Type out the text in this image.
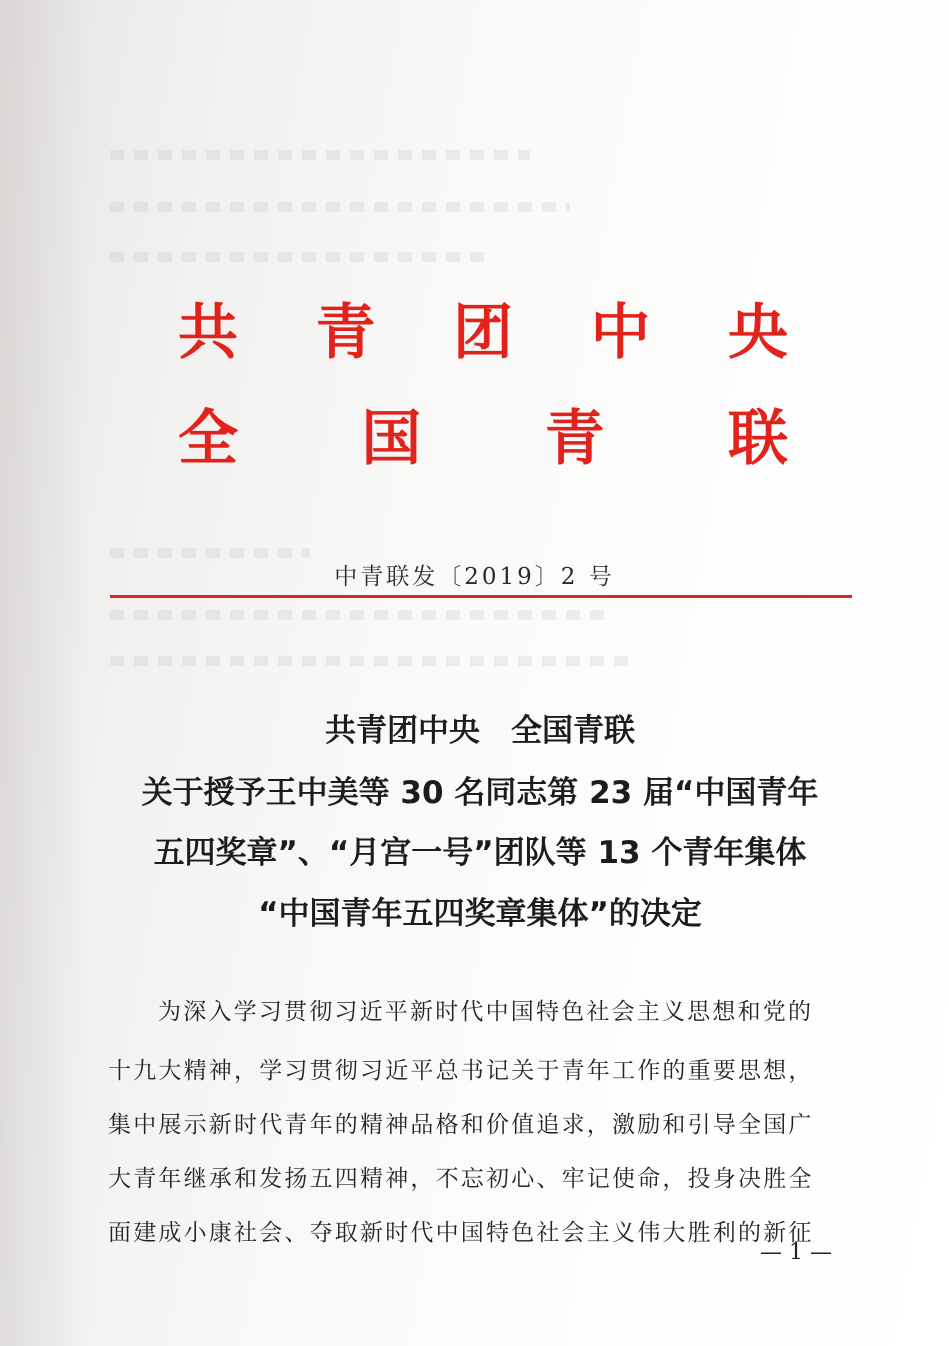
共 青 团 中 央
全 国 青 联
中青联发〔2019〕2 号
共青团中央　全国青联
关于授予王中美等 30 名同志第 23 届“中国青年
五四奖章”、“月宫一号”团队等 13 个青年集体
“中国青年五四奖章集体”的决定
为深入学习贯彻习近平新时代中国特色社会主义思想和党的
十九大精神，学习贯彻习近平总书记关于青年工作的重要思想，
集中展示新时代青年的精神品格和价值追求，激励和引导全国广
大青年继承和发扬五四精神，不忘初心、牢记使命，投身决胜全
面建成小康社会、夺取新时代中国特色社会主义伟大胜利的新征
— 1 —
